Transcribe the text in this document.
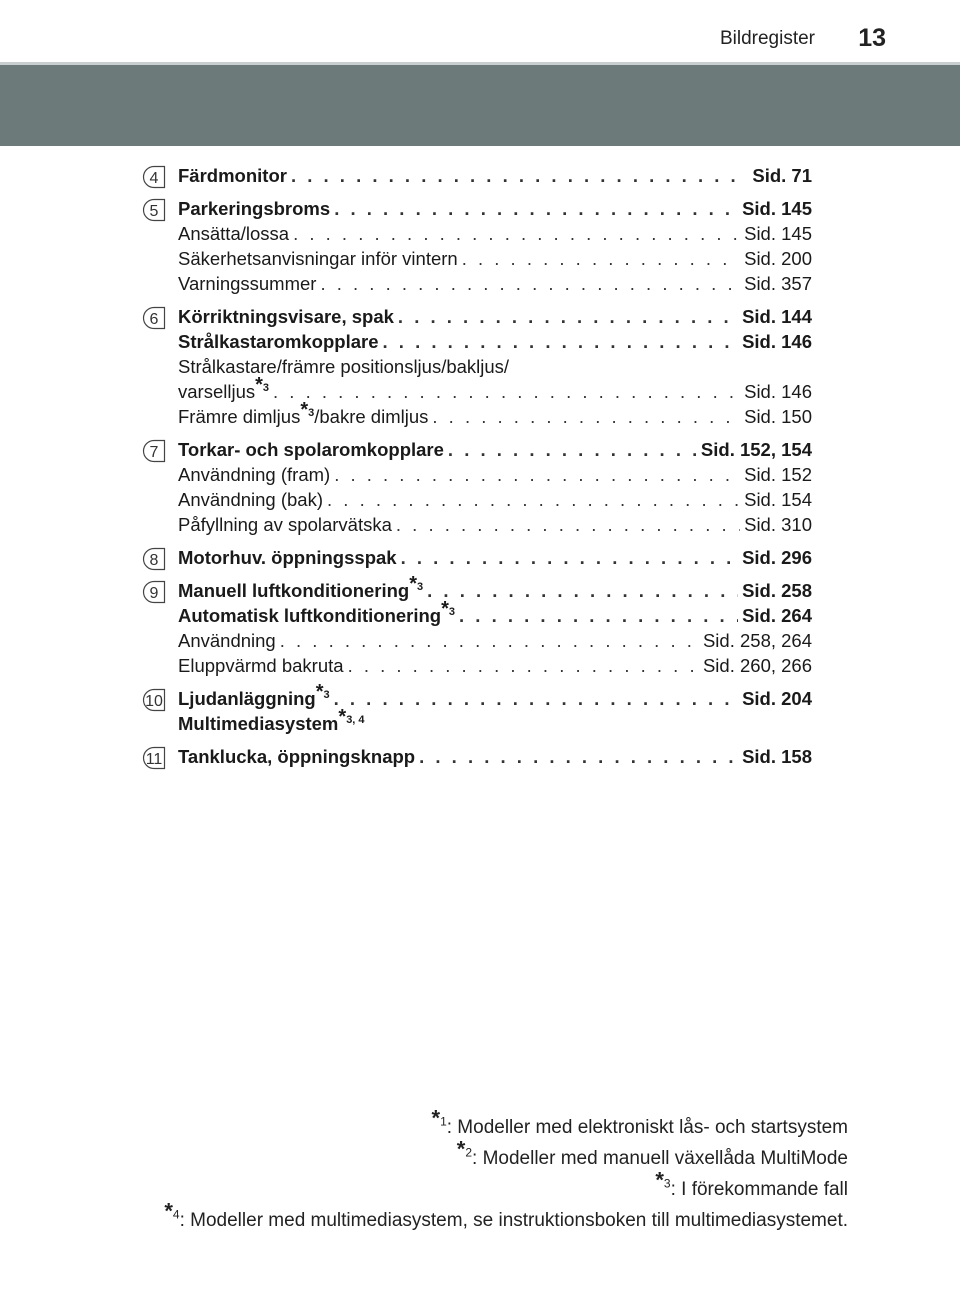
Bildregister 13
4 Färdmonitor . . .	Sid. 71
5 Parkeringsbroms . . .	Sid. 145
Ansätta/lossa . . .	Sid. 145
Säkerhetsanvisningar inför vintern . . .	Sid. 200
Varningssummer . . .	Sid. 357
6 Körriktningsvisare, spak . . .	Sid. 144
Strålkastaromkopplare . . .	Sid. 146
Strålkastare/främre positionsljus/bakljus/
varselljus*$^3$ . . .	Sid. 146
Främre dimljus*$^3$/bakre dimljus . . .	Sid. 150
7 Torkar- och spolaromkopplare . . .	Sid. 152, 154
Användning (fram) . . .	Sid. 152
Användning (bak) . . .	Sid. 154
Påfyllning av spolarvätska . . .	Sid. 310
8 Motorhuv. öppningsspak . . .	Sid. 296
9 Manuell luftkonditionering*$^3$ . . .	Sid. 258
Automatisk luftkonditionering*$^3$ . . .	Sid. 264
Användning . . .	Sid. 258, 264
Eluppvärmd bakruta . . .	Sid. 260, 266
10 Ljudanläggning*$^3$ . . .	Sid. 204
Multimediasystem*$^{3, 4}$
11 Tanklucka, öppningsknapp . . .	Sid. 158
*$^1$: Modeller med elektroniskt lås- och startsystem
*$^2$: Modeller med manuell växellåda MultiMode
*$^3$: I förekommande fall
*$^4$: Modeller med multimediasystem, se instruktionsboken till multimediasystemet.
